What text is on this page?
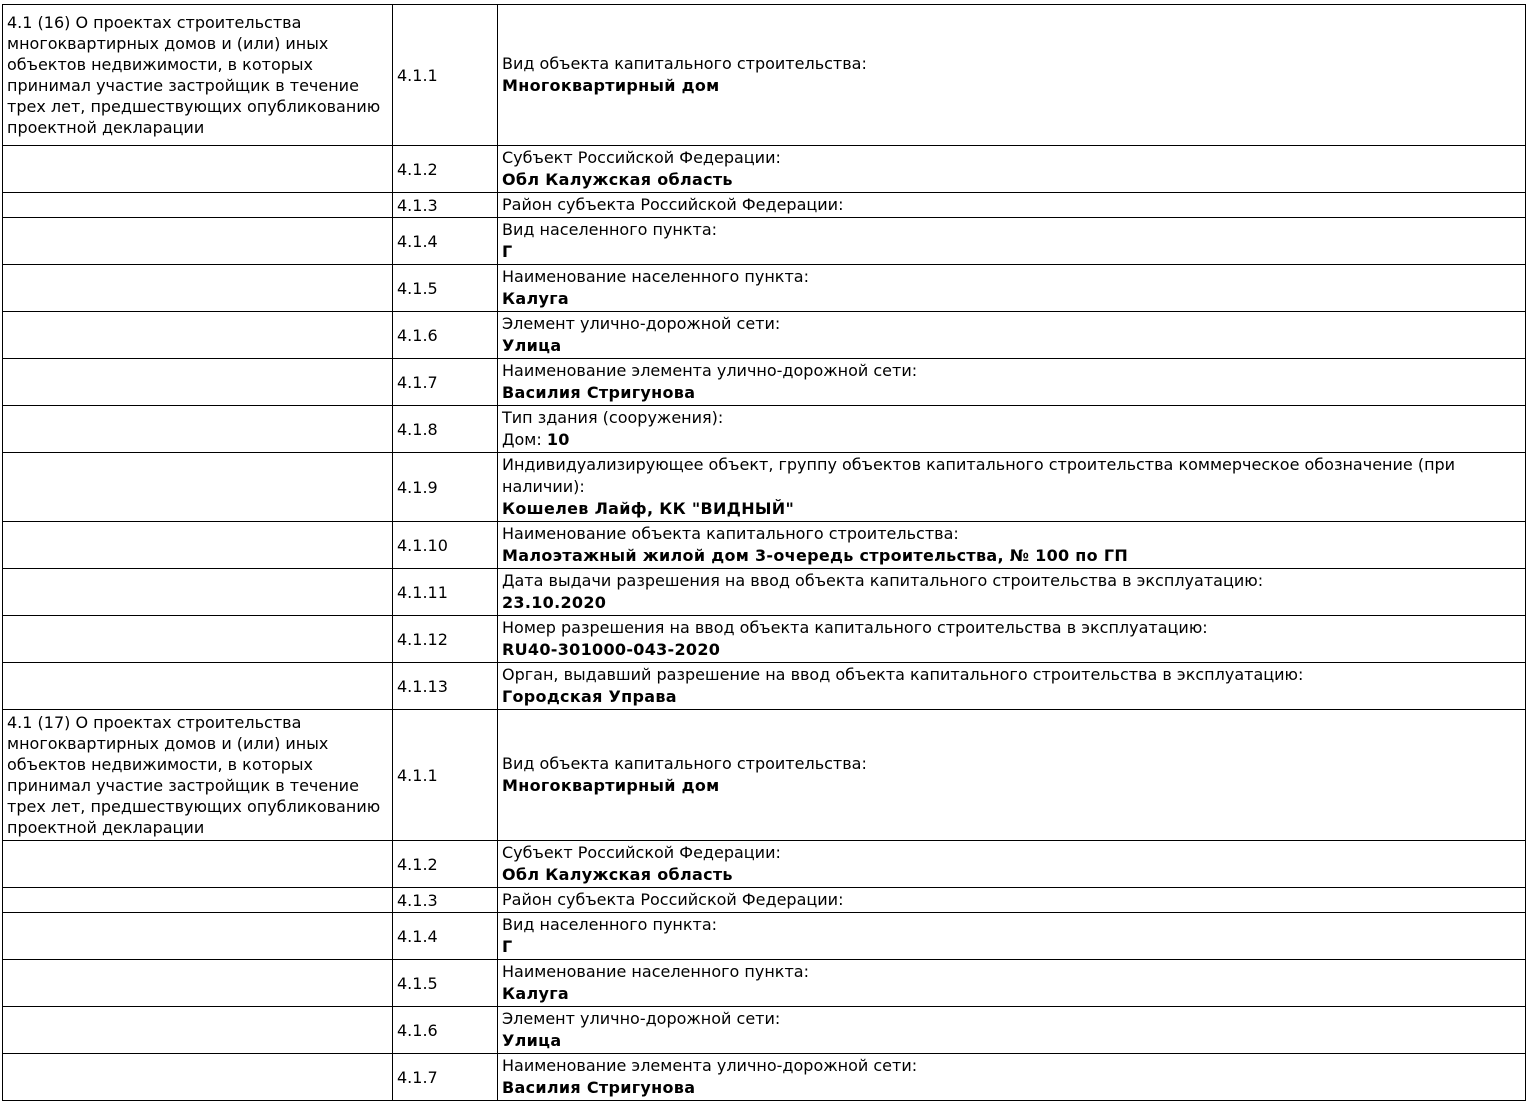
4.1 (16) О проектах строительства многоквартирных домов и (или) иных объектов недвижимости, в которых принимал участие застройщик в течение трех лет, предшествующих опубликованию проектной декларации	4.1.1	Вид объекта капитального строительства:
Многоквартирный дом

	4.1.2	Субъект Российской Федерации:
Обл Калужская область

	4.1.3	Район субъекта Российской Федерации:

	4.1.4	Вид населенного пункта:
Г

	4.1.5	Наименование населенного пункта:
Калуга

	4.1.6	Элемент улично-дорожной сети:
Улица

	4.1.7	Наименование элемента улично-дорожной сети:
Василия Стригунова

	4.1.8	Тип здания (сооружения):
Дом: 10

	4.1.9	Индивидуализирующее объект, группу объектов капитального строительства коммерческое обозначение (при наличии):
Кошелев Лайф, КК "ВИДНЫЙ"

	4.1.10	Наименование объекта капитального строительства:
Малоэтажный жилой дом 3-очередь строительства, № 100 по ГП

	4.1.11	Дата выдачи разрешения на ввод объекта капитального строительства в эксплуатацию:
23.10.2020

	4.1.12	Номер разрешения на ввод объекта капитального строительства в эксплуатацию:
RU40-301000-043-2020

	4.1.13	Орган, выдавший разрешение на ввод объекта капитального строительства в эксплуатацию:
Городская Управа

4.1 (17) О проектах строительства многоквартирных домов и (или) иных объектов недвижимости, в которых принимал участие застройщик в течение трех лет, предшествующих опубликованию проектной декларации	4.1.1	Вид объекта капитального строительства:
Многоквартирный дом

	4.1.2	Субъект Российской Федерации:
Обл Калужская область

	4.1.3	Район субъекта Российской Федерации:

	4.1.4	Вид населенного пункта:
Г

	4.1.5	Наименование населенного пункта:
Калуга

	4.1.6	Элемент улично-дорожной сети:
Улица

	4.1.7	Наименование элемента улично-дорожной сети:
Василия Стригунова
